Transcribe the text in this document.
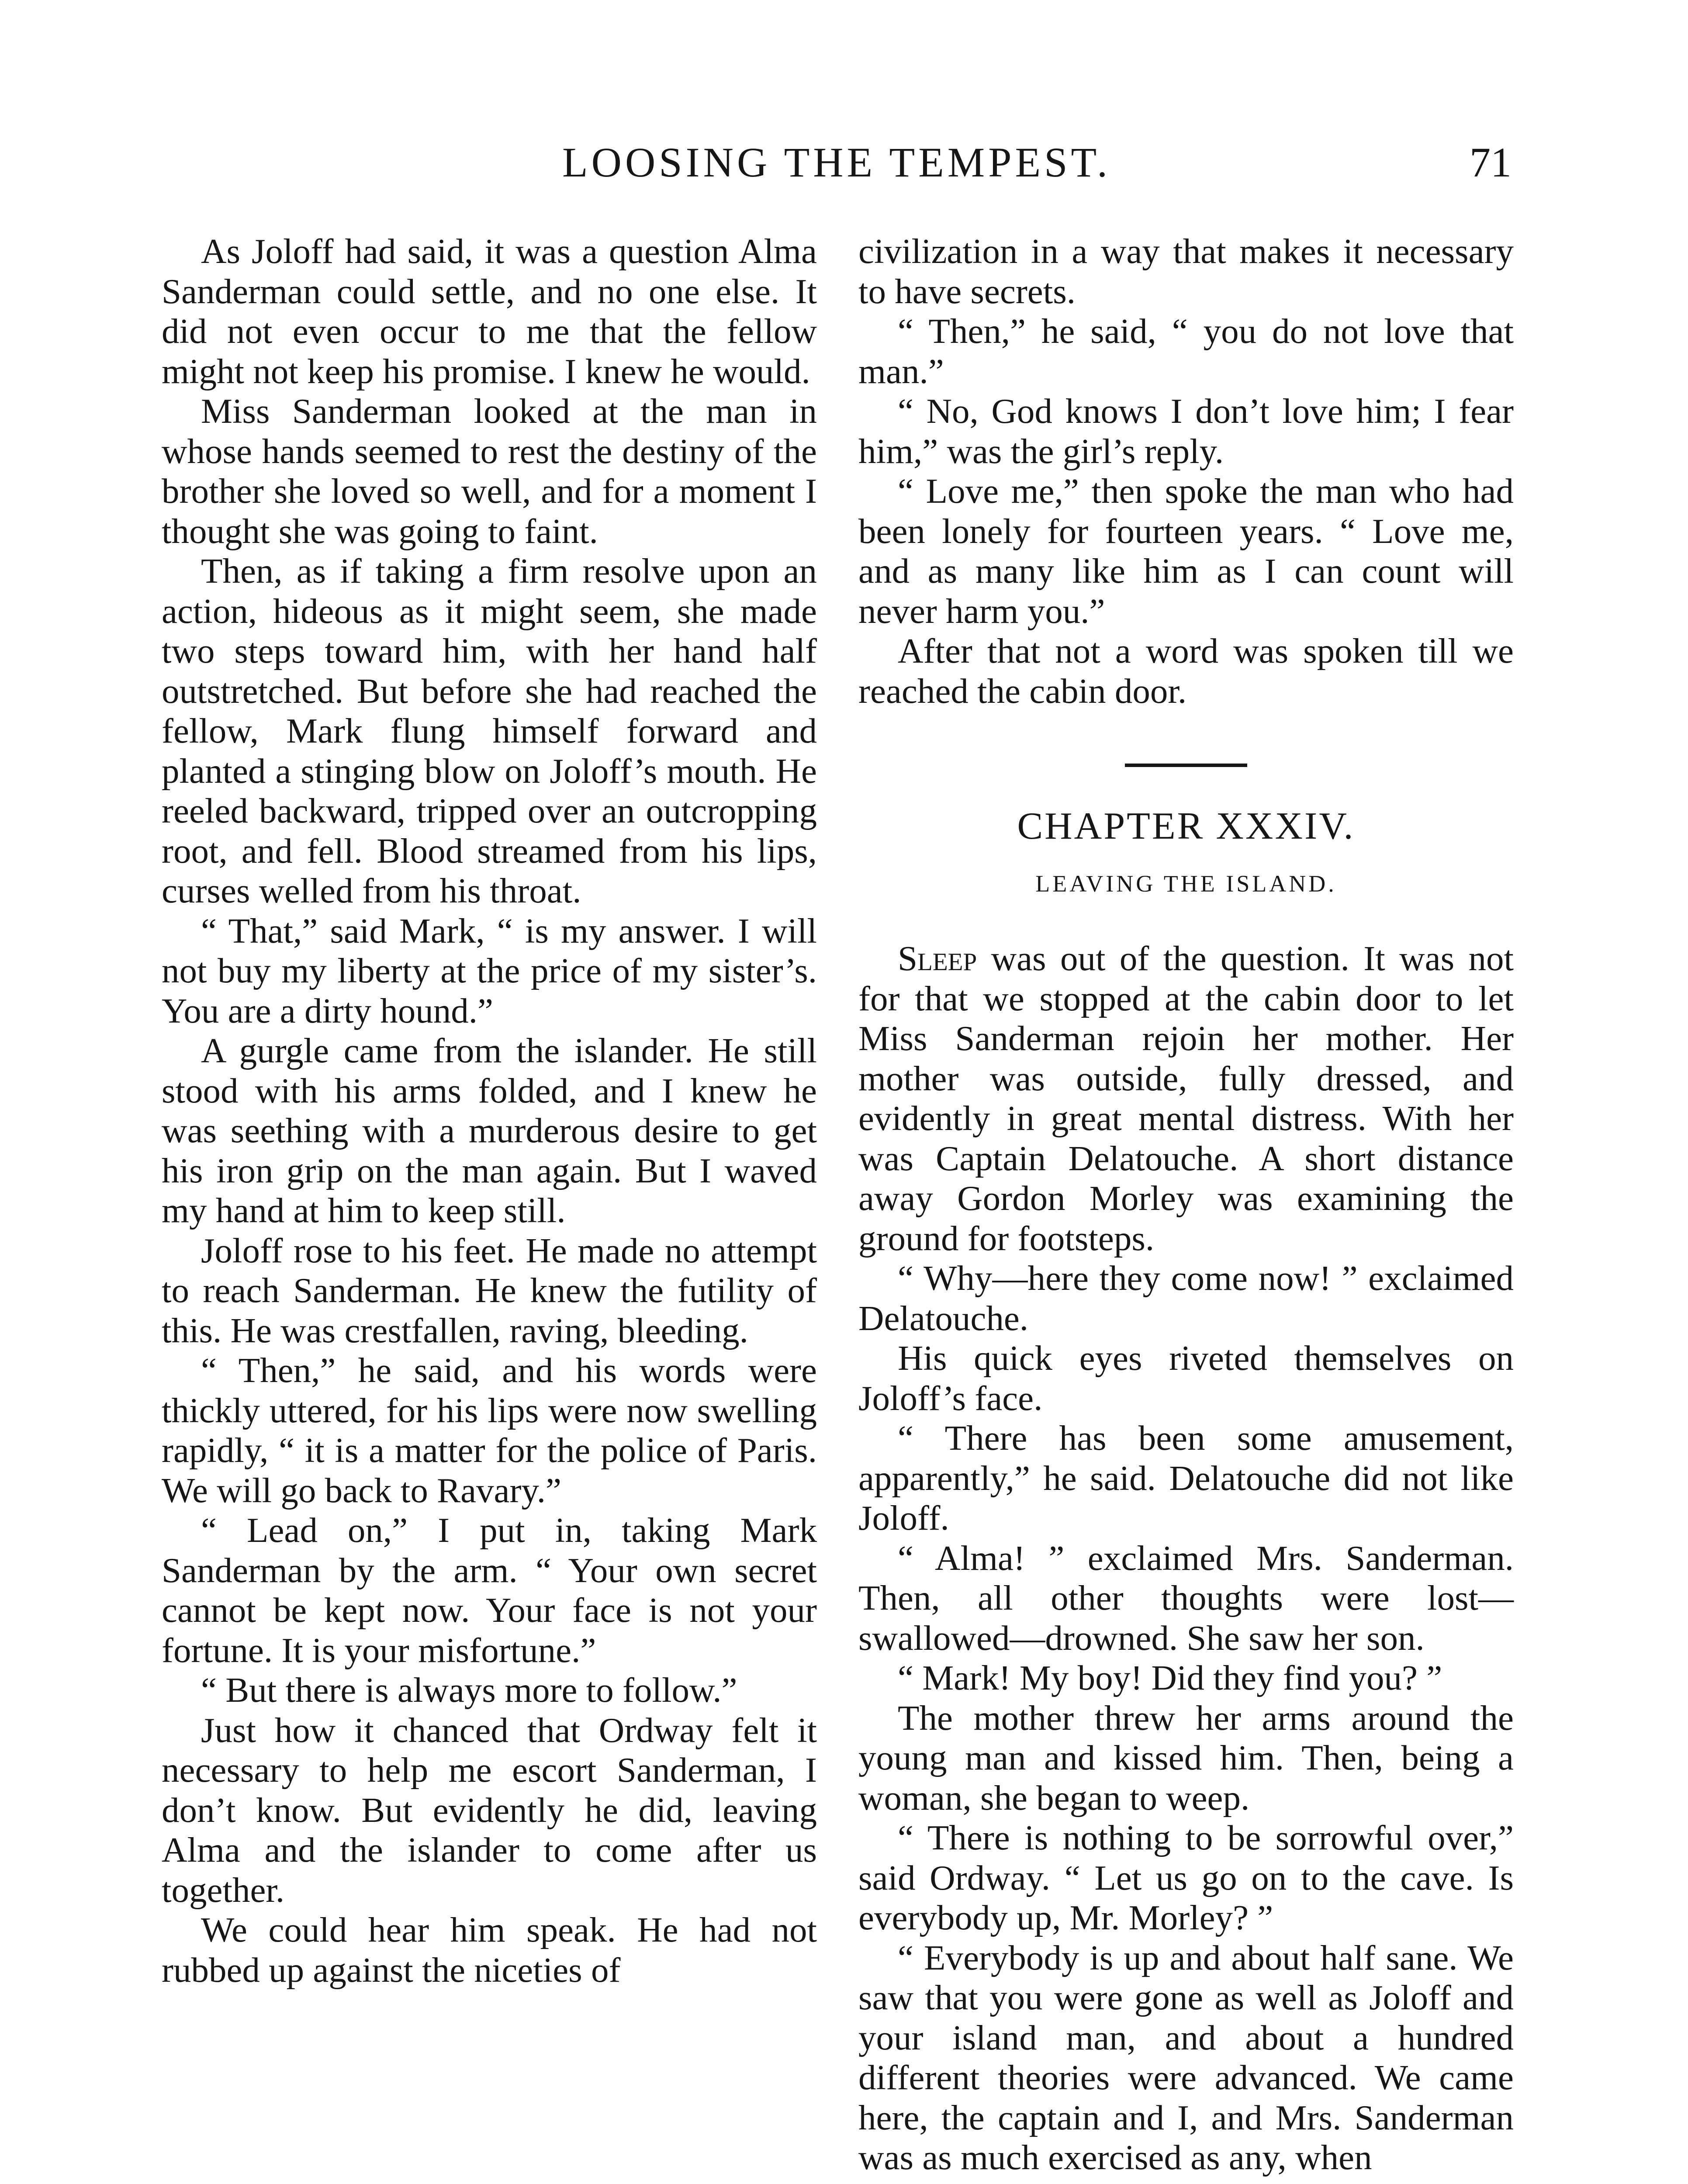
LOOSING THE TEMPEST.	71

As Joloff had said, it was a question Alma Sanderman could settle, and no one else. It did not even occur to me that the fellow might not keep his promise. I knew he would.

Miss Sanderman looked at the man in whose hands seemed to rest the destiny of the brother she loved so well, and for a moment I thought she was going to faint.

Then, as if taking a firm resolve upon an action, hideous as it might seem, she made two steps toward him, with her hand half outstretched. But before she had reached the fellow, Mark flung himself forward and planted a stinging blow on Joloff’s mouth. He reeled backward, tripped over an outcropping root, and fell. Blood streamed from his lips, curses welled from his throat.

“ That,” said Mark, “ is my answer. I will not buy my liberty at the price of my sister’s. You are a dirty hound.”

A gurgle came from the islander. He still stood with his arms folded, and I knew he was seething with a murderous desire to get his iron grip on the man again. But I waved my hand at him to keep still.

Joloff rose to his feet. He made no attempt to reach Sanderman. He knew the futility of this. He was crestfallen, raving, bleeding.

“ Then,” he said, and his words were thickly uttered, for his lips were now swelling rapidly, “ it is a matter for the police of Paris. We will go back to Ravary.”

“ Lead on,” I put in, taking Mark Sanderman by the arm. “ Your own secret cannot be kept now. Your face is not your fortune. It is your misfortune.”

“ But there is always more to follow.”

Just how it chanced that Ordway felt it necessary to help me escort Sanderman, I don’t know. But evidently he did, leaving Alma and the islander to come after us together.

We could hear him speak. He had not rubbed up against the niceties of

civilization in a way that makes it necessary to have secrets.

“ Then,” he said, “ you do not love that man.”

“ No, God knows I don’t love him; I fear him,” was the girl’s reply.

“ Love me,” then spoke the man who had been lonely for fourteen years. “ Love me, and as many like him as I can count will never harm you.”

After that not a word was spoken till we reached the cabin door.

CHAPTER XXXIV.
LEAVING THE ISLAND.

Sleep was out of the question. It was not for that we stopped at the cabin door to let Miss Sanderman rejoin her mother. Her mother was outside, fully dressed, and evidently in great mental distress. With her was Captain Delatouche. A short distance away Gordon Morley was examining the ground for footsteps.

“ Why—here they come now! ” exclaimed Delatouche.

His quick eyes riveted themselves on Joloff’s face.

“ There has been some amusement, apparently,” he said. Delatouche did not like Joloff.

“ Alma! ” exclaimed Mrs. Sanderman. Then, all other thoughts were lost—swallowed—drowned. She saw her son.

“ Mark! My boy! Did they find you? ”

The mother threw her arms around the young man and kissed him. Then, being a woman, she began to weep.

“ There is nothing to be sorrowful over,” said Ordway. “ Let us go on to the cave. Is everybody up, Mr. Morley? ”

“ Everybody is up and about half sane. We saw that you were gone as well as Joloff and your island man, and about a hundred different theories were advanced. We came here, the captain and I, and Mrs. Sanderman was as much exercised as any, when
